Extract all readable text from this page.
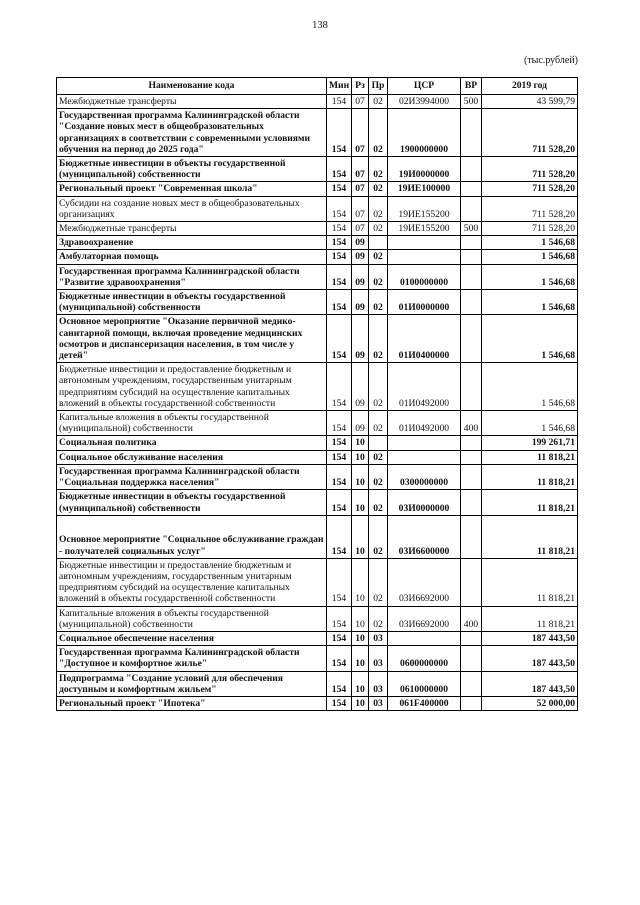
138
(тыс.рублей)
Наименование кода	Мин	Рз	Пр	ЦСР	ВР	2019 год
Межбюджетные трансферты	154	07	02	02И3994000	500	43 599,79
Государственная программа Калининградской области "Создание новых мест в общеобразовательных организациях в соответствии с современными условиями обучения на период до 2025 года"	154	07	02	1900000000		711 528,20
Бюджетные инвестиции в объекты государственной (муниципальной) собственности	154	07	02	19И0000000		711 528,20
Региональный проект "Современная школа"	154	07	02	19ИЕ100000		711 528,20
Субсидии на создание новых мест в общеобразовательных организациях	154	07	02	19ИЕ155200		711 528,20
Межбюджетные трансферты	154	07	02	19ИЕ155200	500	711 528,20
Здравоохранение	154	09				1 546,68
Амбулаторная помощь	154	09	02			1 546,68
Государственная программа Калининградской области "Развитие здравоохранения"	154	09	02	0100000000		1 546,68
Бюджетные инвестиции в объекты государственной (муниципальной) собственности	154	09	02	01И0000000		1 546,68
Основное мероприятие "Оказание первичной медико-санитарной помощи, включая проведение медицинских осмотров и диспансеризация населения, в том числе у детей"	154	09	02	01И0400000		1 546,68
Бюджетные инвестиции и предоставление бюджетным и автономным учреждениям, государственным унитарным предприятиям субсидий на осуществление капитальных вложений в объекты государственной собственности	154	09	02	01И0492000		1 546,68
Капитальные вложения в объекты государственной (муниципальной) собственности	154	09	02	01И0492000	400	1 546,68
Социальная политика	154	10				199 261,71
Социальное обслуживание населения	154	10	02			11 818,21
Государственная программа Калининградской области "Социальная поддержка населения"	154	10	02	0300000000		11 818,21
Бюджетные инвестиции в объекты государственной (муниципальной) собственности	154	10	02	03И0000000		11 818,21
Основное мероприятие "Социальное обслуживание граждан - получателей социальных услуг"	154	10	02	03И6600000		11 818,21
Бюджетные инвестиции и предоставление бюджетным и автономным учреждениям, государственным унитарным предприятиям субсидий на осуществление капитальных вложений в объекты государственной собственности	154	10	02	03И6692000		11 818,21
Капитальные вложения в объекты государственной (муниципальной) собственности	154	10	02	03И6692000	400	11 818,21
Социальное обеспечение населения	154	10	03			187 443,50
Государственная программа Калининградской области "Доступное и комфортное жилье"	154	10	03	0600000000		187 443,50
Подпрограмма "Создание условий для обеспечения доступным и комфортным жильем"	154	10	03	0610000000		187 443,50
Региональный проект "Ипотека"	154	10	03	061F400000		52 000,00
